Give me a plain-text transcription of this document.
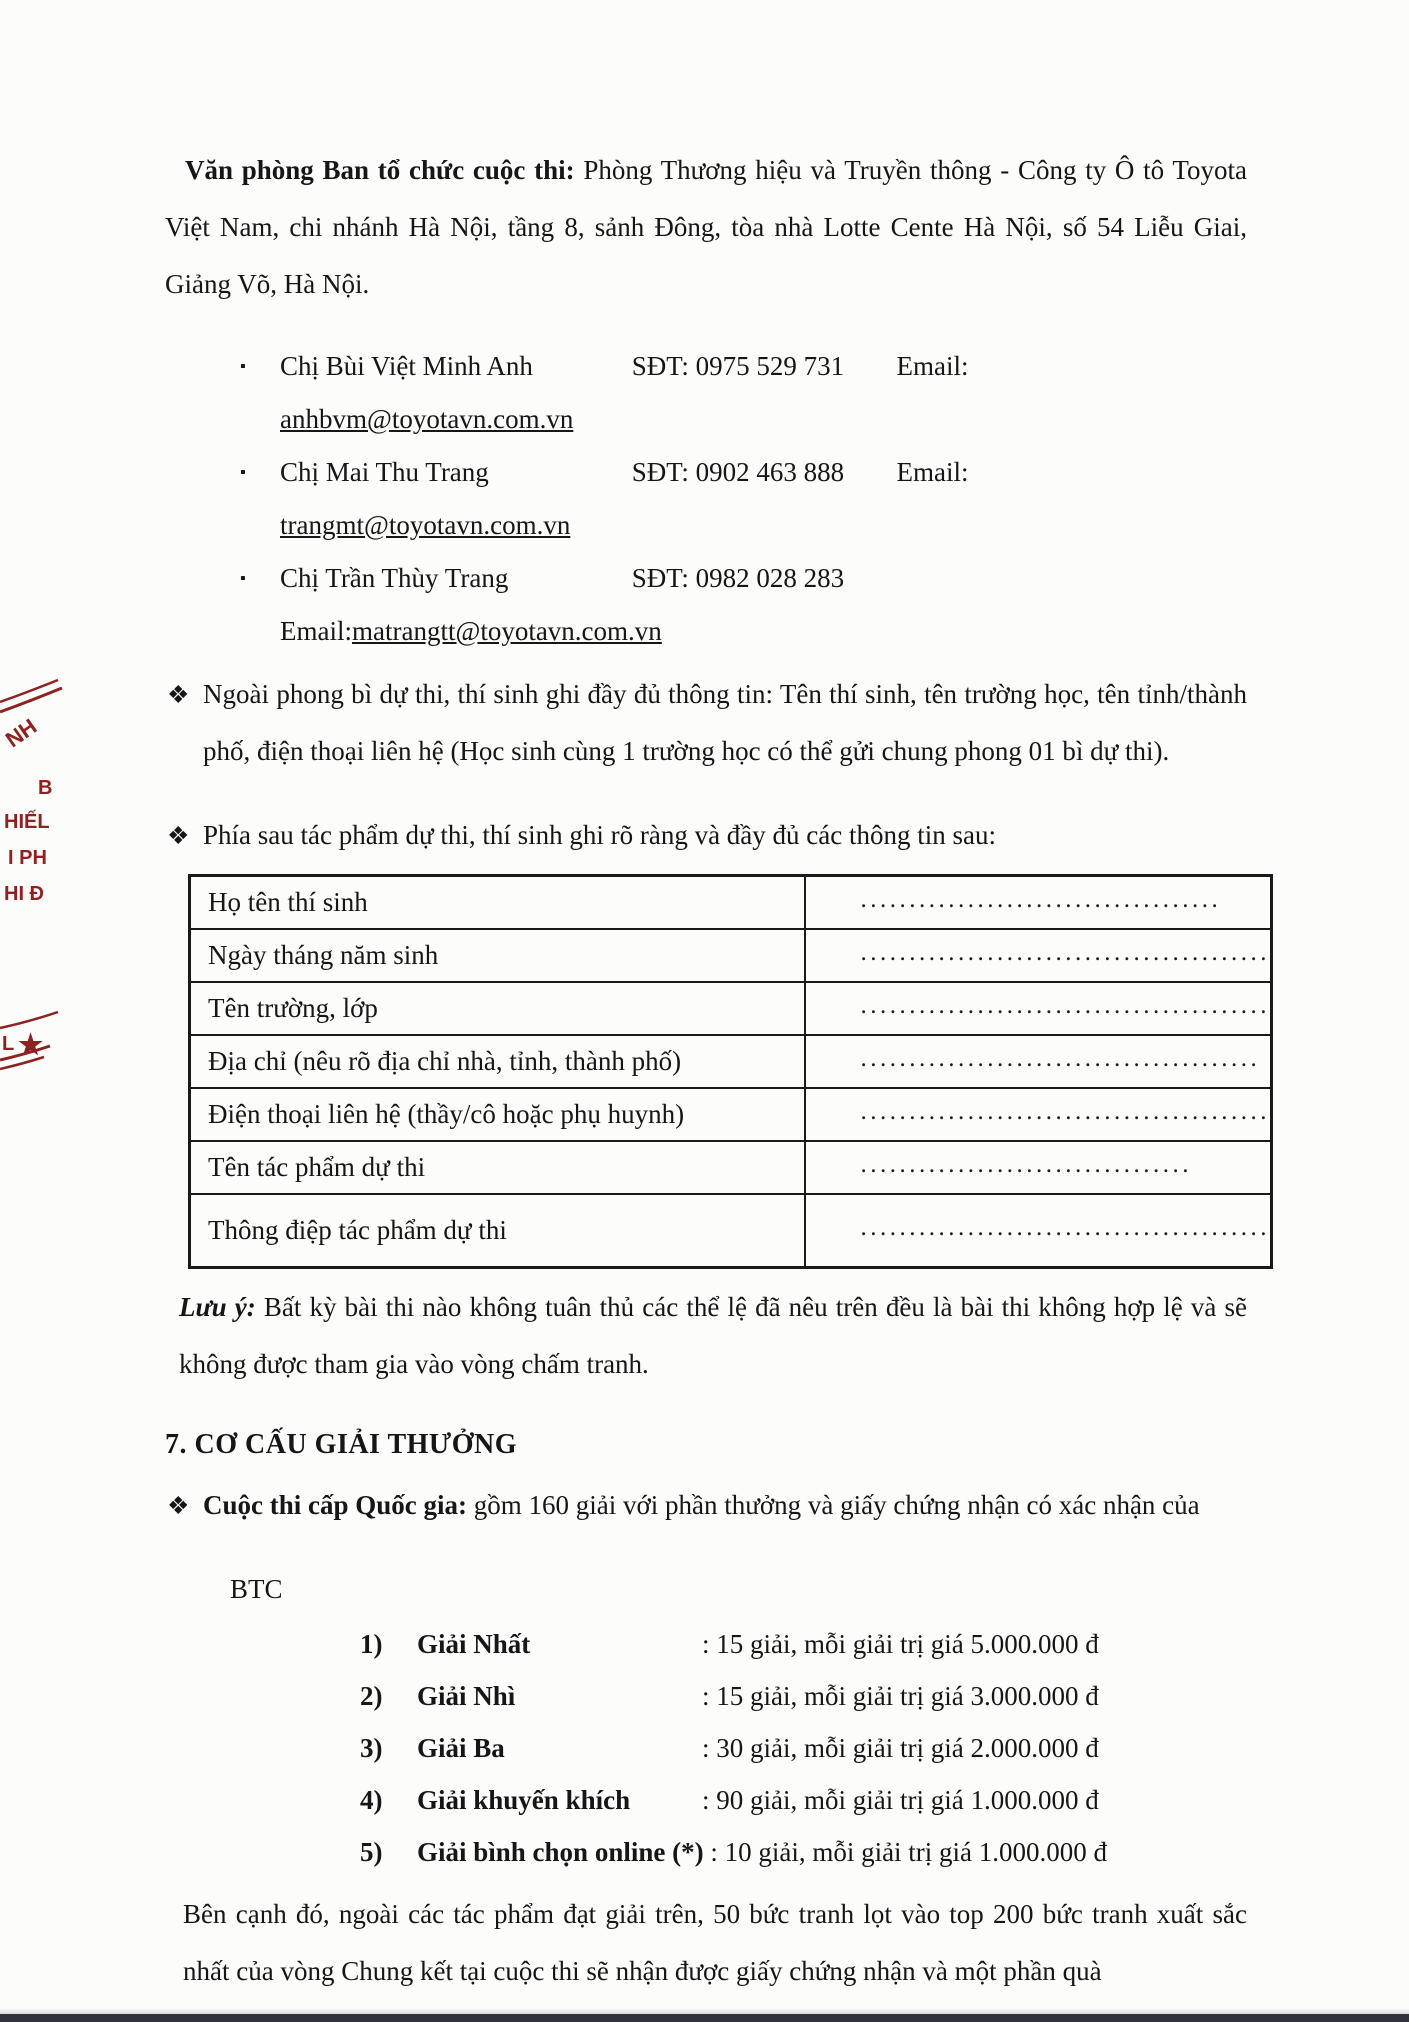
NH
B
HIẾL
I PH
HI Đ
L ★

Văn phòng Ban tổ chức cuộc thi: Phòng Thương hiệu và Truyền thông - Công ty Ô tô Toyota Việt Nam, chi nhánh Hà Nội, tầng 8, sảnh Đông, tòa nhà Lotte Cente Hà Nội, số 54 Liễu Giai, Giảng Võ, Hà Nội.

▪ Chị Bùi Việt Minh Anh	SĐT: 0975 529 731 Email: anhbvm@toyotavn.com.vn
▪ Chị Mai Thu Trang	SĐT: 0902 463 888 Email: trangmt@toyotavn.com.vn
▪ Chị Trần Thùy Trang	SĐT: 0982 028 283 Email:matrangtt@toyotavn.com.vn

❖ Ngoài phong bì dự thi, thí sinh ghi đầy đủ thông tin: Tên thí sinh, tên trường học, tên tỉnh/thành phố, điện thoại liên hệ (Học sinh cùng 1 trường học có thể gửi chung phong 01 bì dự thi).

❖ Phía sau tác phẩm dự thi, thí sinh ghi rõ ràng và đầy đủ các thông tin sau:

Họ tên thí sinh	.....................................
Ngày tháng năm sinh	..........................................
Tên trường, lớp	..........................................
Địa chỉ (nêu rõ địa chỉ nhà, tỉnh, thành phố)	.........................................
Điện thoại liên hệ (thầy/cô hoặc phụ huynh)	..........................................
Tên tác phẩm dự thi	..................................
Thông điệp tác phẩm dự thi	..........................................

Lưu ý: Bất kỳ bài thi nào không tuân thủ các thể lệ đã nêu trên đều là bài thi không hợp lệ và sẽ không được tham gia vào vòng chấm tranh.

7. CƠ CẤU GIẢI THƯỞNG

❖ Cuộc thi cấp Quốc gia: gồm 160 giải với phần thưởng và giấy chứng nhận có xác nhận của

BTC
1) Giải Nhất	: 15 giải, mỗi giải trị giá 5.000.000 đ
2) Giải Nhì	: 15 giải, mỗi giải trị giá 3.000.000 đ
3) Giải Ba	: 30 giải, mỗi giải trị giá 2.000.000 đ
4) Giải khuyến khích	: 90 giải, mỗi giải trị giá 1.000.000 đ
5) Giải bình chọn online (*) : 10 giải, mỗi giải trị giá 1.000.000 đ

Bên cạnh đó, ngoài các tác phẩm đạt giải trên, 50 bức tranh lọt vào top 200 bức tranh xuất sắc nhất của vòng Chung kết tại cuộc thi sẽ nhận được giấy chứng nhận và một phần quà
